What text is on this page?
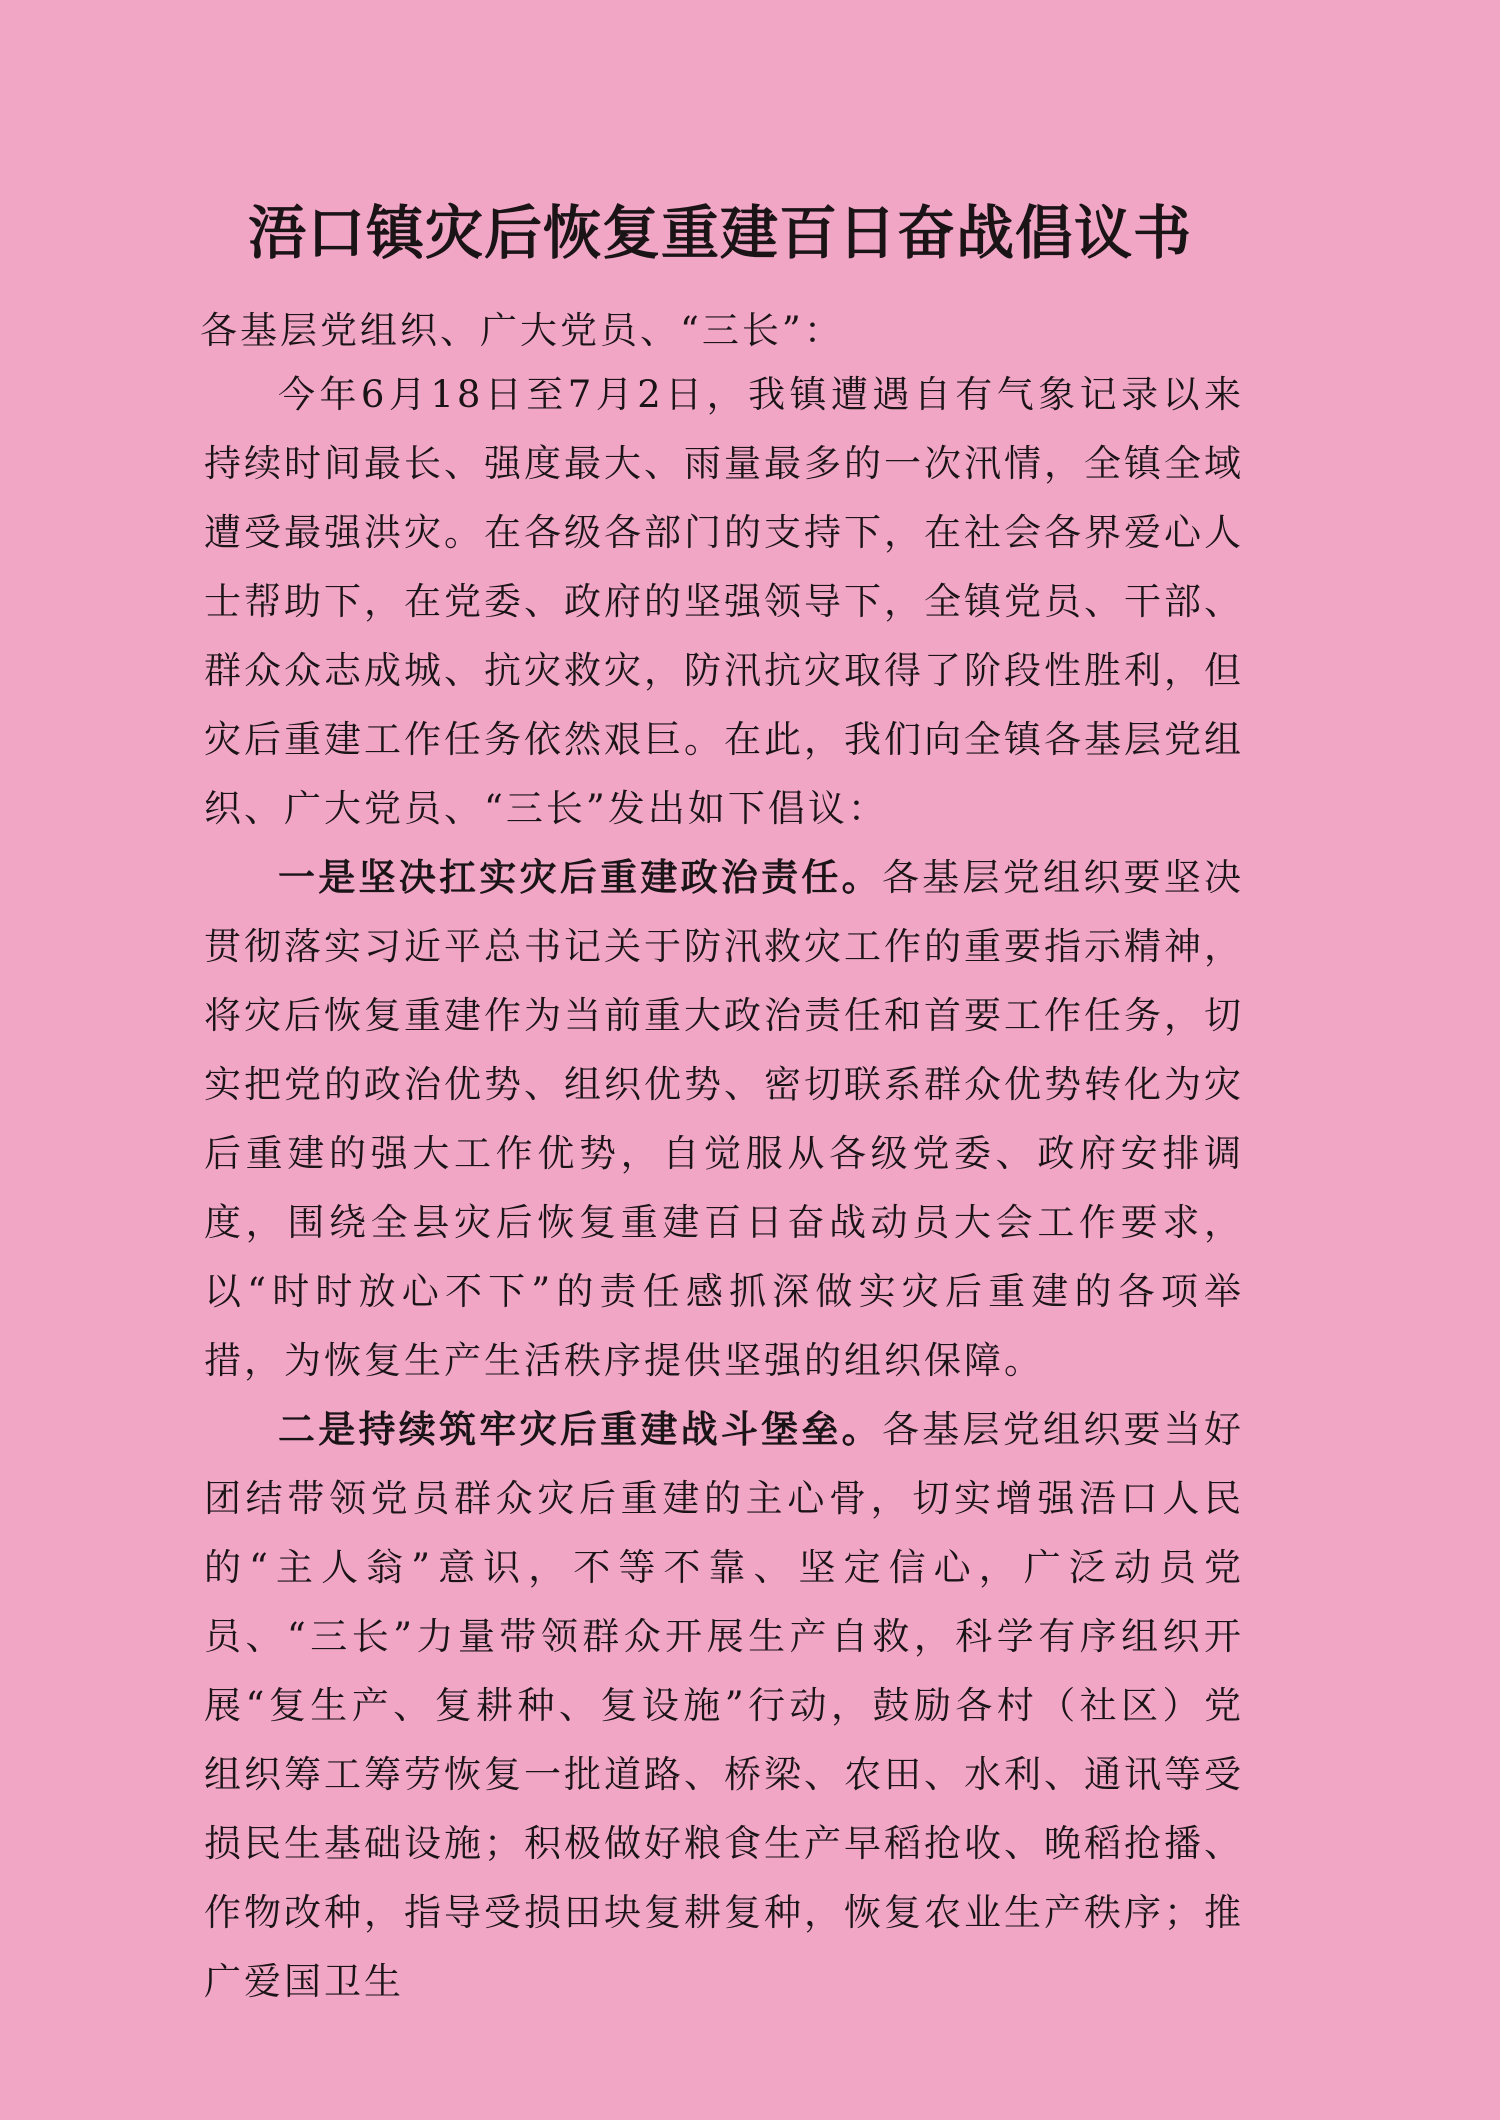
浯口镇灾后恢复重建百日奋战倡议书
各基层党组织、广大党员、“三长”：

今年6月18日至7月2日，我镇遭遇自有气象记录以来持续时间最长、强度最大、雨量最多的一次汛情，全镇全域遭受最强洪灾。在各级各部门的支持下，在社会各界爱心人士帮助下，在党委、政府的坚强领导下，全镇党员、干部、群众众志成城、抗灾救灾，防汛抗灾取得了阶段性胜利，但灾后重建工作任务依然艰巨。在此，我们向全镇各基层党组织、广大党员、“三长”发出如下倡议：

一是坚决扛实灾后重建政治责任。各基层党组织要坚决贯彻落实习近平总书记关于防汛救灾工作的重要指示精神，将灾后恢复重建作为当前重大政治责任和首要工作任务，切实把党的政治优势、组织优势、密切联系群众优势转化为灾后重建的强大工作优势，自觉服从各级党委、政府安排调度，围绕全县灾后恢复重建百日奋战动员大会工作要求，以“时时放心不下”的责任感抓深做实灾后重建的各项举措，为恢复生产生活秩序提供坚强的组织保障。

二是持续筑牢灾后重建战斗堡垒。各基层党组织要当好团结带领党员群众灾后重建的主心骨，切实增强浯口人民的“主人翁”意识，不等不靠、坚定信心，广泛动员党员、“三长”力量带领群众开展生产自救，科学有序组织开展“复生产、复耕种、复设施”行动，鼓励各村（社区）党组织筹工筹劳恢复一批道路、桥梁、农田、水利、通讯等受损民生基础设施；积极做好粮食生产早稻抢收、晚稻抢播、作物改种，指导受损田块复耕复种，恢复农业生产秩序；推广爱国卫生
